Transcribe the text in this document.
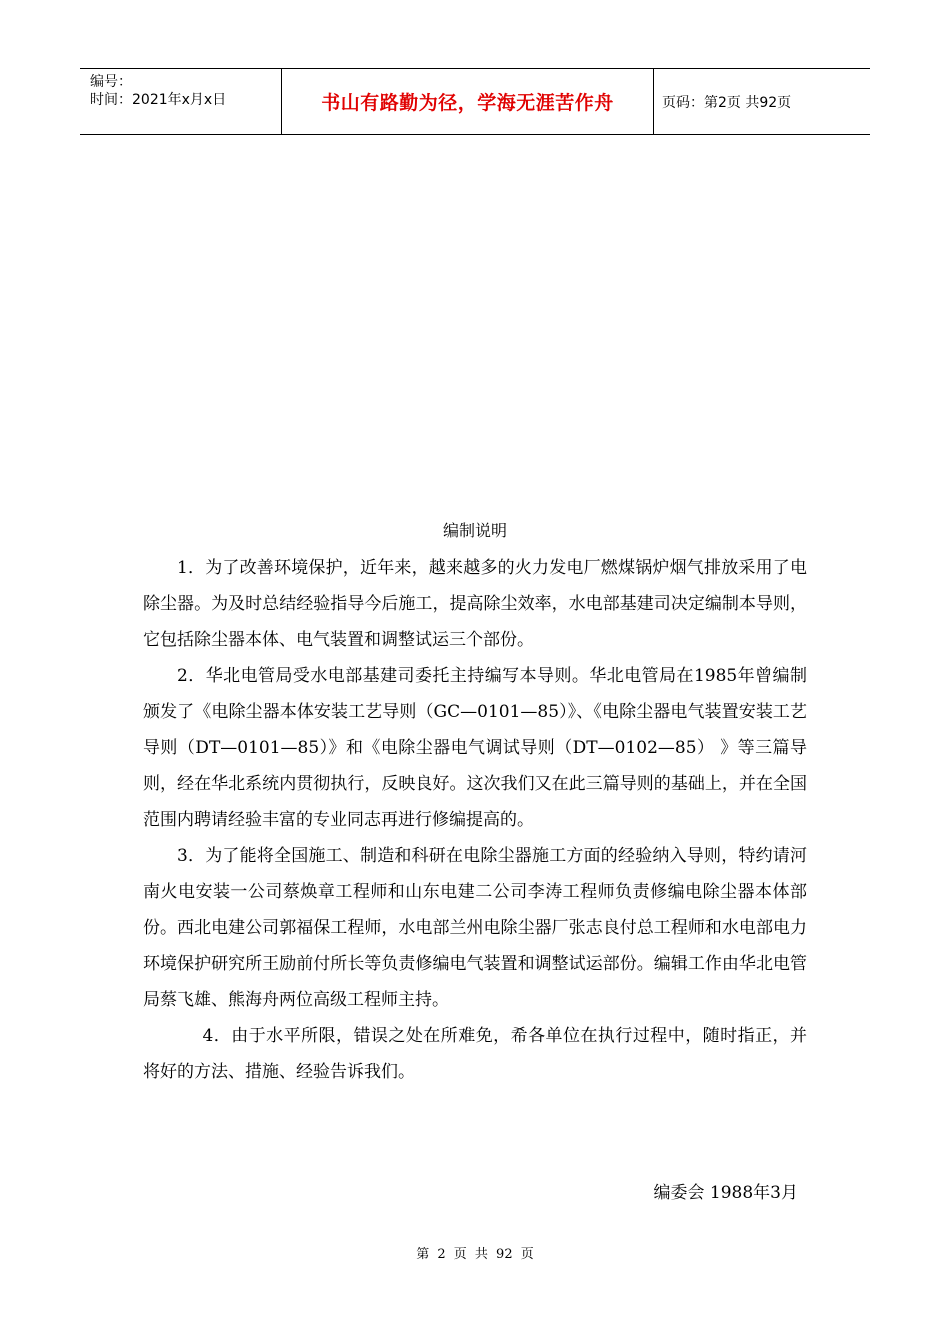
编号：
时间：2021年x月x日	书山有路勤为径，学海无涯苦作舟	页码：第2页 共92页
编制说明

1．为了改善环境保护，近年来，越来越多的火力发电厂燃煤锅炉烟气排放采用了电除尘器。为及时总结经验指导今后施工，提高除尘效率，水电部基建司决定编制本导则，它包括除尘器本体、电气装置和调整试运三个部份。

2．华北电管局受水电部基建司委托主持编写本导则。华北电管局在1985年曾编制颁发了《电除尘器本体安装工艺导则（GC—0101—85）》、《电除尘器电气装置安装工艺导则（DT—0101—85）》和《电除尘器电气调试导则（DT—0102—85） 》等三篇导则，经在华北系统内贯彻执行，反映良好。这次我们又在此三篇导则的基础上，并在全国范围内聘请经验丰富的专业同志再进行修编提高的。

3．为了能将全国施工、制造和科研在电除尘器施工方面的经验纳入导则，特约请河南火电安装一公司蔡焕章工程师和山东电建二公司李涛工程师负责修编电除尘器本体部份。西北电建公司郭福保工程师，水电部兰州电除尘器厂张志良付总工程师和水电部电力环境保护研究所王励前付所长等负责修编电气装置和调整试运部份。编辑工作由华北电管局蔡飞雄、熊海舟两位高级工程师主持。

4．由于水平所限，错误之处在所难免，希各单位在执行过程中，随时指正，并将好的方法、措施、经验告诉我们。

编委会 1988年3月
第 2 页 共 92 页
